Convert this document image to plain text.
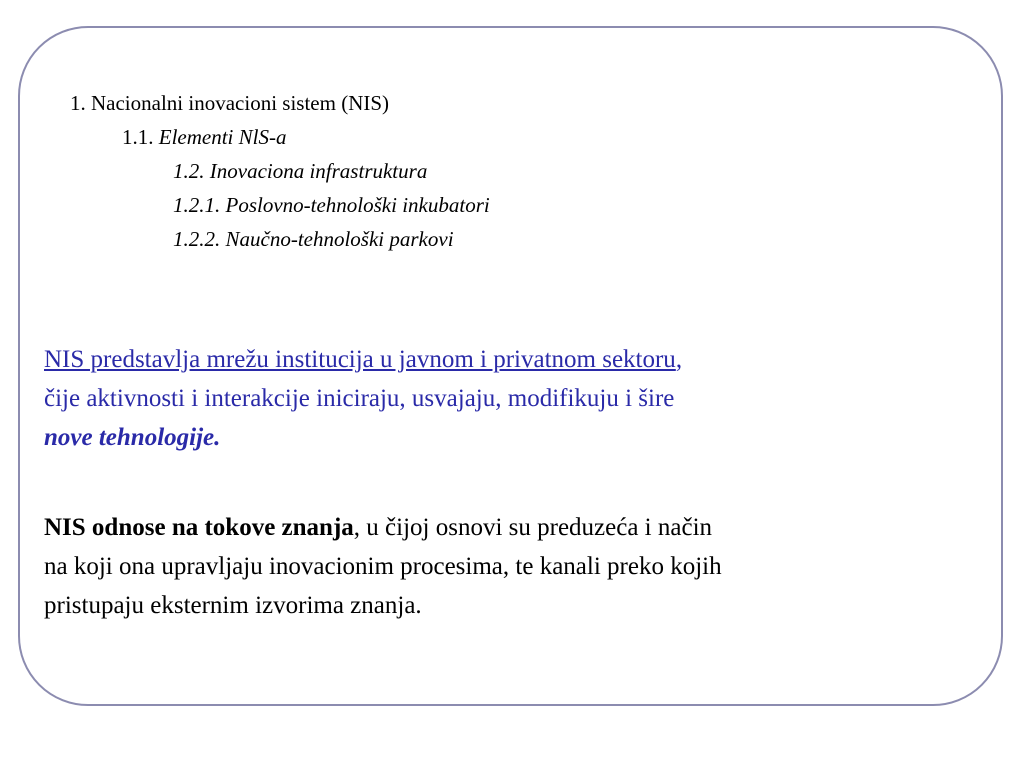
1. Nacionalni inovacioni sistem (NIS)
1.1. Elementi NlS-a
1.2. Inovaciona infrastruktura
1.2.1. Poslovno-tehnološki inkubatori
1.2.2. Naučno-tehnološki parkovi

NIS predstavlja mrežu institucija u javnom i privatnom sektoru,
čije aktivnosti i interakcije iniciraju, usvajaju, modifikuju i šire
nove tehnologije.

NIS odnose na tokove znanja, u čijoj osnovi su preduzeća i način
na koji ona upravljaju inovacionim procesima, te kanali preko kojih
pristupaju eksternim izvorima znanja.
